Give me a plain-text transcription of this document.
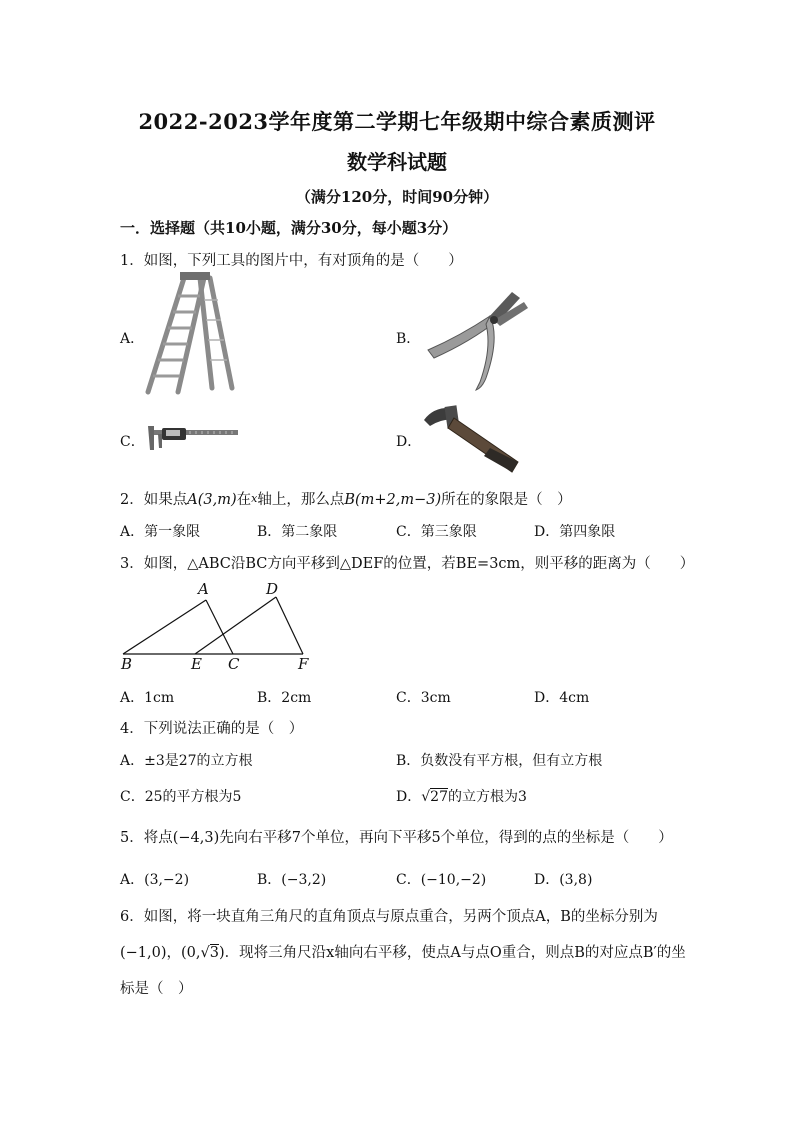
2022-2023学年度第二学期七年级期中综合素质测评
数学科试题
（满分120分，时间90分钟）
一．选择题（共10小题，满分30分，每小题3分）
1．如图，下列工具的图片中，有对顶角的是（　　）
A．	B．
C．	D．
2．如果点A(3,m)在x轴上，那么点B(m+2,m−3)所在的象限是（　）
A．第一象限	B．第二象限	C．第三象限	D．第四象限
3．如图，△ABC沿BC方向平移到△DEF的位置，若BE=3cm，则平移的距离为（　　）
A	D
B	E C	F
A．1cm	B．2cm	C．3cm	D．4cm
4．下列说法正确的是（　）
A．±3是27的立方根	B．负数没有平方根，但有立方根
C．25的平方根为5	D．√27的立方根为3
5．将点(−4,3)先向右平移7个单位，再向下平移5个单位，得到的点的坐标是（　　）
A．(3,−2)	B．(−3,2)	C．(−10,−2)	D．(3,8)
6．如图，将一块直角三角尺的直角顶点与原点重合，另两个顶点A，B的坐标分别为
(−1,0)，(0,√3)．现将三角尺沿x轴向右平移，使点A与点O重合，则点B的对应点B′的坐
标是（　）
